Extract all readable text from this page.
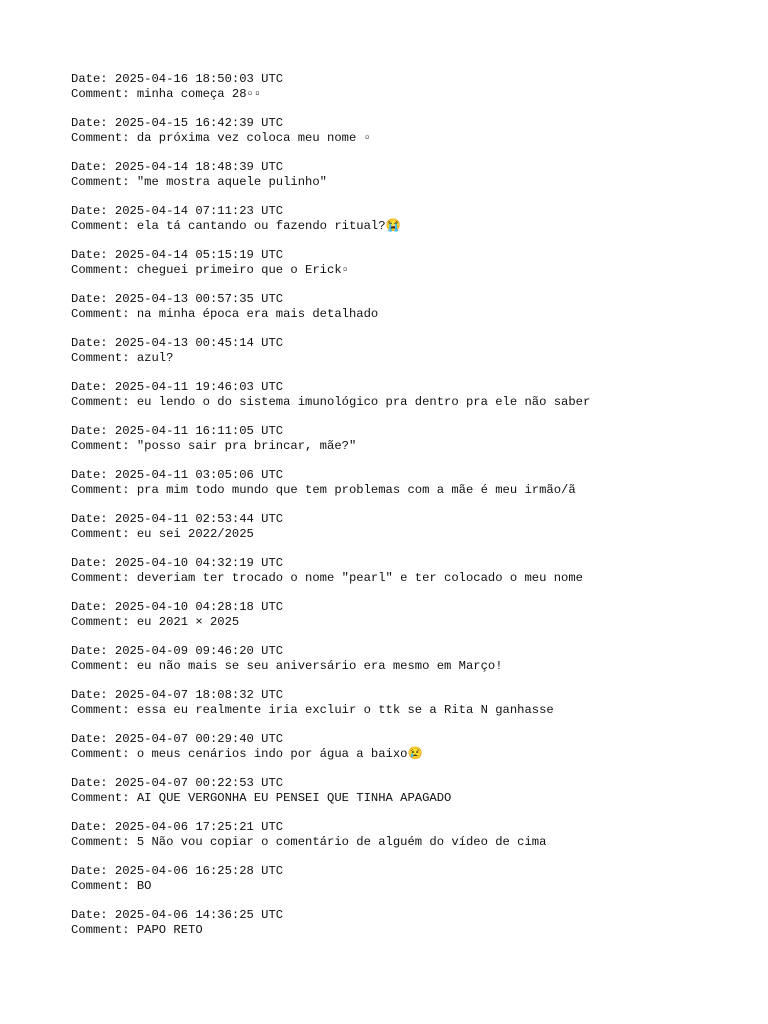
Date: 2025-04-16 18:50:03 UTC
Comment: minha começa 28▫▫
Date: 2025-04-15 16:42:39 UTC
Comment: da próxima vez coloca meu nome ▫
Date: 2025-04-14 18:48:39 UTC
Comment: "me mostra aquele pulinho"
Date: 2025-04-14 07:11:23 UTC
Comment: ela tá cantando ou fazendo ritual?😭
Date: 2025-04-14 05:15:19 UTC
Comment: cheguei primeiro que o Erick▫
Date: 2025-04-13 00:57:35 UTC
Comment: na minha época era mais detalhado
Date: 2025-04-13 00:45:14 UTC
Comment: azul?
Date: 2025-04-11 19:46:03 UTC
Comment: eu lendo o do sistema imunológico pra dentro pra ele não saber
Date: 2025-04-11 16:11:05 UTC
Comment: "posso sair pra brincar, mãe?"
Date: 2025-04-11 03:05:06 UTC
Comment: pra mim todo mundo que tem problemas com a mãe é meu irmão/ã
Date: 2025-04-11 02:53:44 UTC
Comment: eu sei 2022/2025
Date: 2025-04-10 04:32:19 UTC
Comment: deveriam ter trocado o nome "pearl" e ter colocado o meu nome
Date: 2025-04-10 04:28:18 UTC
Comment: eu 2021 × 2025
Date: 2025-04-09 09:46:20 UTC
Comment: eu não mais se seu aniversário era mesmo em Março!
Date: 2025-04-07 18:08:32 UTC
Comment: essa eu realmente iria excluir o ttk se a Rita N ganhasse
Date: 2025-04-07 00:29:40 UTC
Comment: o meus cenários indo por água a baixo😢
Date: 2025-04-07 00:22:53 UTC
Comment: AI QUE VERGONHA EU PENSEI QUE TINHA APAGADO
Date: 2025-04-06 17:25:21 UTC
Comment: 5 Não vou copiar o comentário de alguém do vídeo de cima
Date: 2025-04-06 16:25:28 UTC
Comment: BO
Date: 2025-04-06 14:36:25 UTC
Comment: PAPO RETO
